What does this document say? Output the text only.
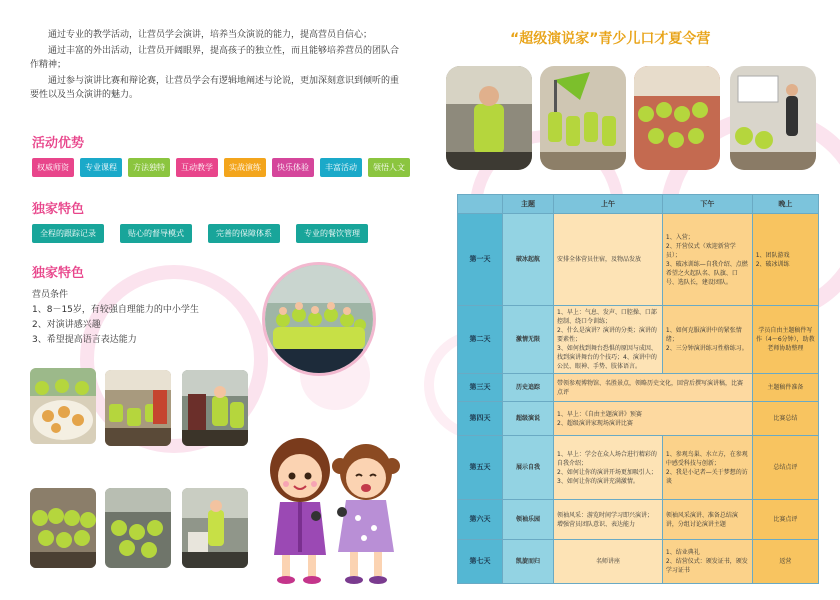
通过专业的教学活动，让营员学会演讲，培养当众演说的能力，提高营员自信心；

通过丰富的外出活动，让营员开阔眼界，提高孩子的独立性，而且能够培养营员的团队合作精神；

通过参与演讲比赛和辩论赛，让营员学会有逻辑地阐述与论说，更加深刻意识到倾听的重要性以及当众演讲的魅力。

活动优势
权威师资	专业课程	方法独特	互动教学	实战演练	快乐体验	丰富活动	领悟人文
独家特色
全程的跟踪记录	贴心的督导模式	完善的保障体系	专业的餐饮管理
独家特色
营员条件
1、8－15岁，有较强自理能力的中小学生
2、对演讲感兴趣
3、希望提高语言表达能力
“超级演说家”青少儿口才夏令营
	主题	上午	下午	晚上
第一天	破冰起航	安排全体营员住宿，及物品发放	1、入营；
2、开营仪式（欢迎新营学员）；
3、破冰训练—自我介绍、点燃希望之火起队名、队旗、口号、选队长，建设团队。	1、团队游戏
2、破冰训练
第二天	激情无限	1、早上：气息、发声、口腔操、口部控制、绕口令训练；
2、什么是演讲？演讲的分类；演讲的要素性；
3、如何找到舞台恐惧的原因与成因、找到演讲舞台的个技巧；4、演讲中的公民、眼神、手势、肢体语言。	1、如何克服演讲中的紧张情绪；
2、三分钟演讲练习性格练习。	学员自由主题稿件写作（4～6分钟），助教老师协助整理
第三天	历史追踪	带领参观博物馆、名胜景点，领略历史文化，回营后撰写演讲稿，比赛点评		主题稿件准备
第四天	超级演说	1、早上：《自由主题演讲》预赛
2、超级演讲家现场演讲比赛		比赛总结
第五天	展示自我	1、早上：学会在众人场合进行精彩的自我介绍；
2、如何让你的演讲开场更加吸引人；
3、如何让你的演讲充满激情。	1、参观鸟巢、水立方，在参观中感受科技与创新；
2、我是小记者—关于梦想的访谈	总结点评
第六天	领袖乐园	领袖风采：游览时间学习即兴演讲；增强营员团队意识、表达能力	领袖风采演讲、准备总结演讲，分组讨论演讲主题	比赛点评
第七天	凯旋而归	名师讲座	1、结业典礼
2、结营仪式：颁发证书，颁发学习证书	返营
